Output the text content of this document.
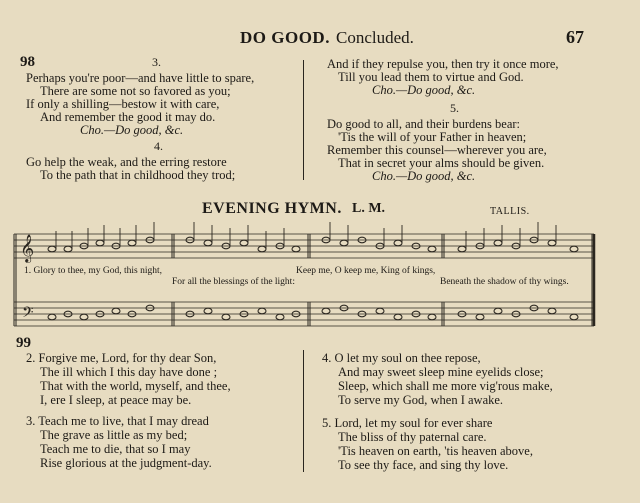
DO GOOD. Concluded.	67
98	3.
Perhaps you're poor—and have little to spare,
There are some not so favored as you;
If only a shilling—bestow it with care,
And remember the good it may do.
Cho.—Do good, &c.
4.
Go help the weak, and the erring restore
To the path that in childhood they trod;
And if they repulse you, then try it once more,
Till you lead them to virtue and God.
Cho.—Do good, &c.
5.
Do good to all, and their burdens bear:
'Tis the will of your Father in heaven;
Remember this counsel—wherever you are,
That in secret your alms should be given.
Cho.—Do good, &c.
EVENING HYMN. L. M.	TALLIS.
𝄞
𝄢
1. Glory to thee, my God, this night,	Keep me, O keep me, King of kings,
For all the blessings of the light:	Beneath the shadow of thy wings.
99
2. Forgive me, Lord, for thy dear Son,
The ill which I this day have done ;
That with the world, myself, and thee,
I, ere I sleep, at peace may be.
3. Teach me to live, that I may dread
The grave as little as my bed;
Teach me to die, that so I may
Rise glorious at the judgment-day.
4. O let my soul on thee repose,
And may sweet sleep mine eyelids close;
Sleep, which shall me more vig'rous make,
To serve my God, when I awake.
5. Lord, let my soul for ever share
The bliss of thy paternal care.
'Tis heaven on earth, 'tis heaven above,
To see thy face, and sing thy love.
